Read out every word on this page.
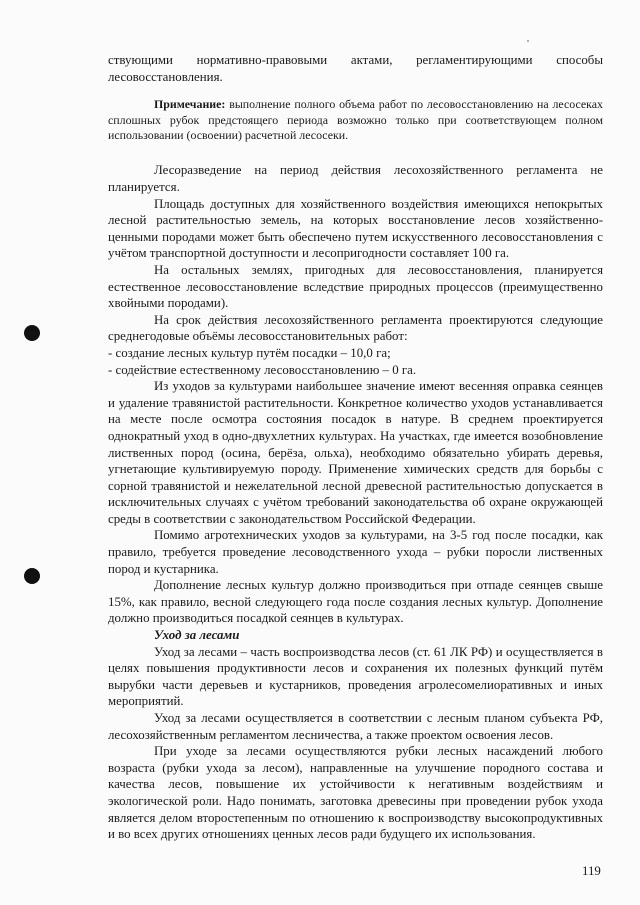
ствующими нормативно-правовыми актами, регламентирующими способы лесовосстановления.

Примечание: выполнение полного объема работ по лесовосстановлению на лесосеках сплошных рубок предстоящего периода возможно только при соответствующем полном использовании (освоении) расчетной лесосеки.

Лесоразведение на период действия лесохозяйственного регламента не планируется.

Площадь доступных для хозяйственного воздействия имеющихся непокрытых лесной растительностью земель, на которых восстановление лесов хозяйственно-ценными породами может быть обеспечено путем искусственного лесовосстановления с учётом транспортной доступности и лесопригодности составляет 100 га.

На остальных землях, пригодных для лесовосстановления, планируется естественное лесовосстановление вследствие природных процессов (преимущественно хвойными породами).

На срок действия лесохозяйственного регламента проектируются следующие среднегодовые объёмы лесовосстановительных работ:

- создание лесных культур путём посадки – 10,0 га;

- содействие естественному лесовосстановлению – 0 га.

Из уходов за культурами наибольшее значение имеют весенняя оправка сеянцев и удаление травянистой растительности. Конкретное количество уходов устанавливается на месте после осмотра состояния посадок в натуре. В среднем проектируется однократный уход в одно-двухлетних культурах. На участках, где имеется возобновление лиственных пород (осина, берёза, ольха), необходимо обязательно убирать деревья, угнетающие культивируемую породу. Применение химических средств для борьбы с сорной травянистой и нежелательной лесной древесной растительностью допускается в исключительных случаях с учётом требований законодательства об охране окружающей среды в соответствии с законодательством Российской Федерации.

Помимо агротехнических уходов за культурами, на 3-5 год после посадки, как правило, требуется проведение лесоводственного ухода – рубки поросли лиственных пород и кустарника.

Дополнение лесных культур должно производиться при отпаде сеянцев свыше 15%, как правило, весной следующего года после создания лесных культур. Дополнение должно производиться посадкой сеянцев в культурах.

Уход за лесами

Уход за лесами – часть воспроизводства лесов (ст. 61 ЛК РФ) и осуществляется в целях повышения продуктивности лесов и сохранения их полезных функций путём вырубки части деревьев и кустарников, проведения агролесомелиоративных и иных мероприятий.

Уход за лесами осуществляется в соответствии с лесным планом субъекта РФ, лесохозяйственным регламентом лесничества, а также проектом освоения лесов.

При уходе за лесами осуществляются рубки лесных насаждений любого возраста (рубки ухода за лесом), направленные на улучшение породного состава и качества лесов, повышение их устойчивости к негативным воздействиям и экологической роли. Надо понимать, заготовка древесины при проведении рубок ухода является делом второстепенным по отношению к воспроизводству высокопродуктивных и во всех других отношениях ценных лесов ради будущего их использования.

119
